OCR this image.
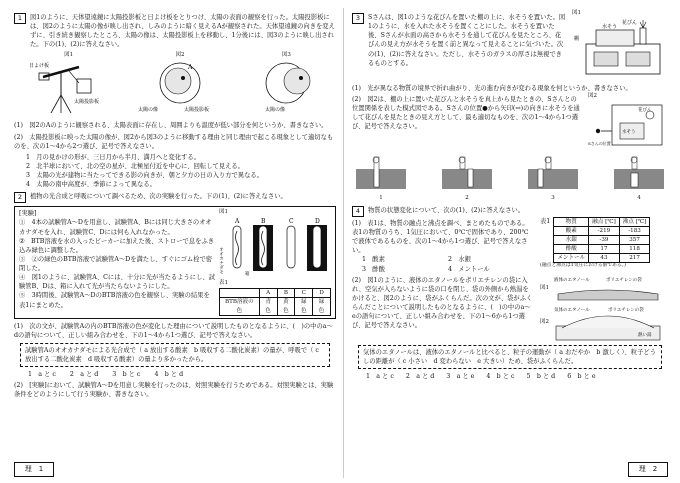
1	図1のように、天体望遠鏡に太陽投影板と日よけ板をとりつけ、太陽の表面の観察を行った。太陽投影板には、図2のように太陽の像が映し出され、しみのように暗く見えるAが観察された。天体望遠鏡の向きを変えずに、引き続き観察したところ、太陽の像は、太陽投影板上を移動し、1分後には、図3のように映し出された。下の(1)、(2)に答えなさい。

図1
日よけ板
太陽投影板
図2
A
太陽の像	太陽投影板
図3
太陽の像

(1)　図2のAのように観察される、太陽表面に存在し、周囲よりも温度が低い部分を何というか、書きなさい。

(2)　太陽投影板に映った太陽の像が、図2から図3のように移動する理由と同じ理由で起こる現象として適切なものを、次の1～4から2つ選び、記号で答えなさい。

1　月の見かけの形が、三日月から半月、満月へと変化する。

2　北半球において、北の空の星が、北極星付近を中心に、回転して見える。

3　太陽の光が建物に当たってできる影の向きが、朝と夕方の日の入り方で異なる。

4　太陽の南中高度が、季節によって異なる。

2	植物の光合成と呼吸について調べるため、次の実験を行った。下の(1)、(2)に答えなさい。

[実験]

①　4本の試験管A～Dを用意し、試験管A、Bには同じ大きさのオオカナダモを入れ、試験管C、Dには何も入れなかった。

②　BTB溶液を水の入ったビーカーに加えた後、ストローで息をふき込み緑色に調整した。

③　②の緑色のBTB溶液で試験管A～Dを満たし、すぐにゴム栓で密閉した。

④　図1のように、試験管A、Cには、十分に光が当たるようにし、試験管B、Dは、箱に入れて光が当たらないようにした。

⑤　3時間後、試験管A～DのBTB溶液の色を観察し、実験の結果を表1にまとめた。

図1
A	B	C	D
オオカナダモ
箱
表1
	A	B	C	D
BTB溶液の色	青色	黄色	緑色	緑色

(1)　次の文が、試験管Aの内のBTB溶液の色が変化した理由について説明したものとなるように、(　)の中のa～dの語句について、正しい組み合わせを、下の1～4から1つ選び、記号で答えなさい。

試験管Aのオオカナダモによる光合成で（ a 放出する酸素　b 吸収する二酸化炭素）の量が、呼吸で（ c 放出する二酸化炭素　d 吸収する酸素）の量より多かったから。
1　a と c 2　a と d 3　b と c 4　b と d

(2)　[実験]において、試験管A～Dを用意し実験を行ったのは、対照実験を行うためである。対照実験とは、実験条件をどのようにして行う実験か、書きなさい。

理　1
3	Sさんは、図1のような花びんを置いた棚の上に、水そうを置いた。図1のように、水を入れた水そうを置くことにした。水そうを置いた後、Sさんが水面の高さから水そうを通して花びんを見たところ、花びんの見え方が水そうを置く前と異なって見えることに気づいた。次の(1)、(2)に答えなさい。ただし、水そうのガラスの厚さは無視できるものとする。

図1
棚
花びん
水そう

(1)　光が異なる物質の境界で折れ曲がり、光の進む向きが変わる現象を何というか、書きなさい。

(2)　図2は、棚の上に置いた花びんと水そうを真上から見たときの、Sさんとの位置関係を表した模式図である。Sさんの位置●から矢印(⇨)の向きに水そうを通して花びんを見たときの見え方として、最も適切なものを、次の1～4から1つ選び、記号で答えなさい。

図2
花びん
水そう
Sさんの位置
1	2	3	4
4	物質の状態変化について、次の(1)、(2)に答えなさい。

(1)　表1は、物質の融点と沸点を調べ、まとめたものである。表1の物質のうち、1気圧において、0℃で固体であり、200℃で液体であるものを、次の1～4から1つ選び、記号で答えなさい。

1　酸素	2　水銀
3　酢酸	4　メントール
表1	物質	融点 [℃]	沸点 [℃]
酸素	-219	-183
水銀	-39	357
酢酸	17	118
メントール	43	217
(融点と沸点は1気圧における値である。)

(2)　図1のように、液体のエタノールをポリエチレンの袋に入れ、空気が入らないように袋の口を閉じ、袋の外側から熱湯をかけると、図2のように、袋がふくらんだ。次の文が、袋がふくらんだことについて説明したものとなるように、(　)の中のa～eの語句について、正しい組み合わせを、下の1～6から1つ選び、記号で答えなさい。

図1
液体のエタノール	ポリエチレンの袋
図2
気体のエタノール	ポリエチレンの袋
熱い湯
気体のエタノールは、液体のエタノールと比べると、粒子の運動が（ a おだやか　b 激しく）、粒子どうしの距離が（ c 小さい　d 変わらない　e 大きい）ため、袋がふくらんだ。
1　a と c 2　a と d 3　a と e 4　b と c 5　b と d 6　b と e
理　2
